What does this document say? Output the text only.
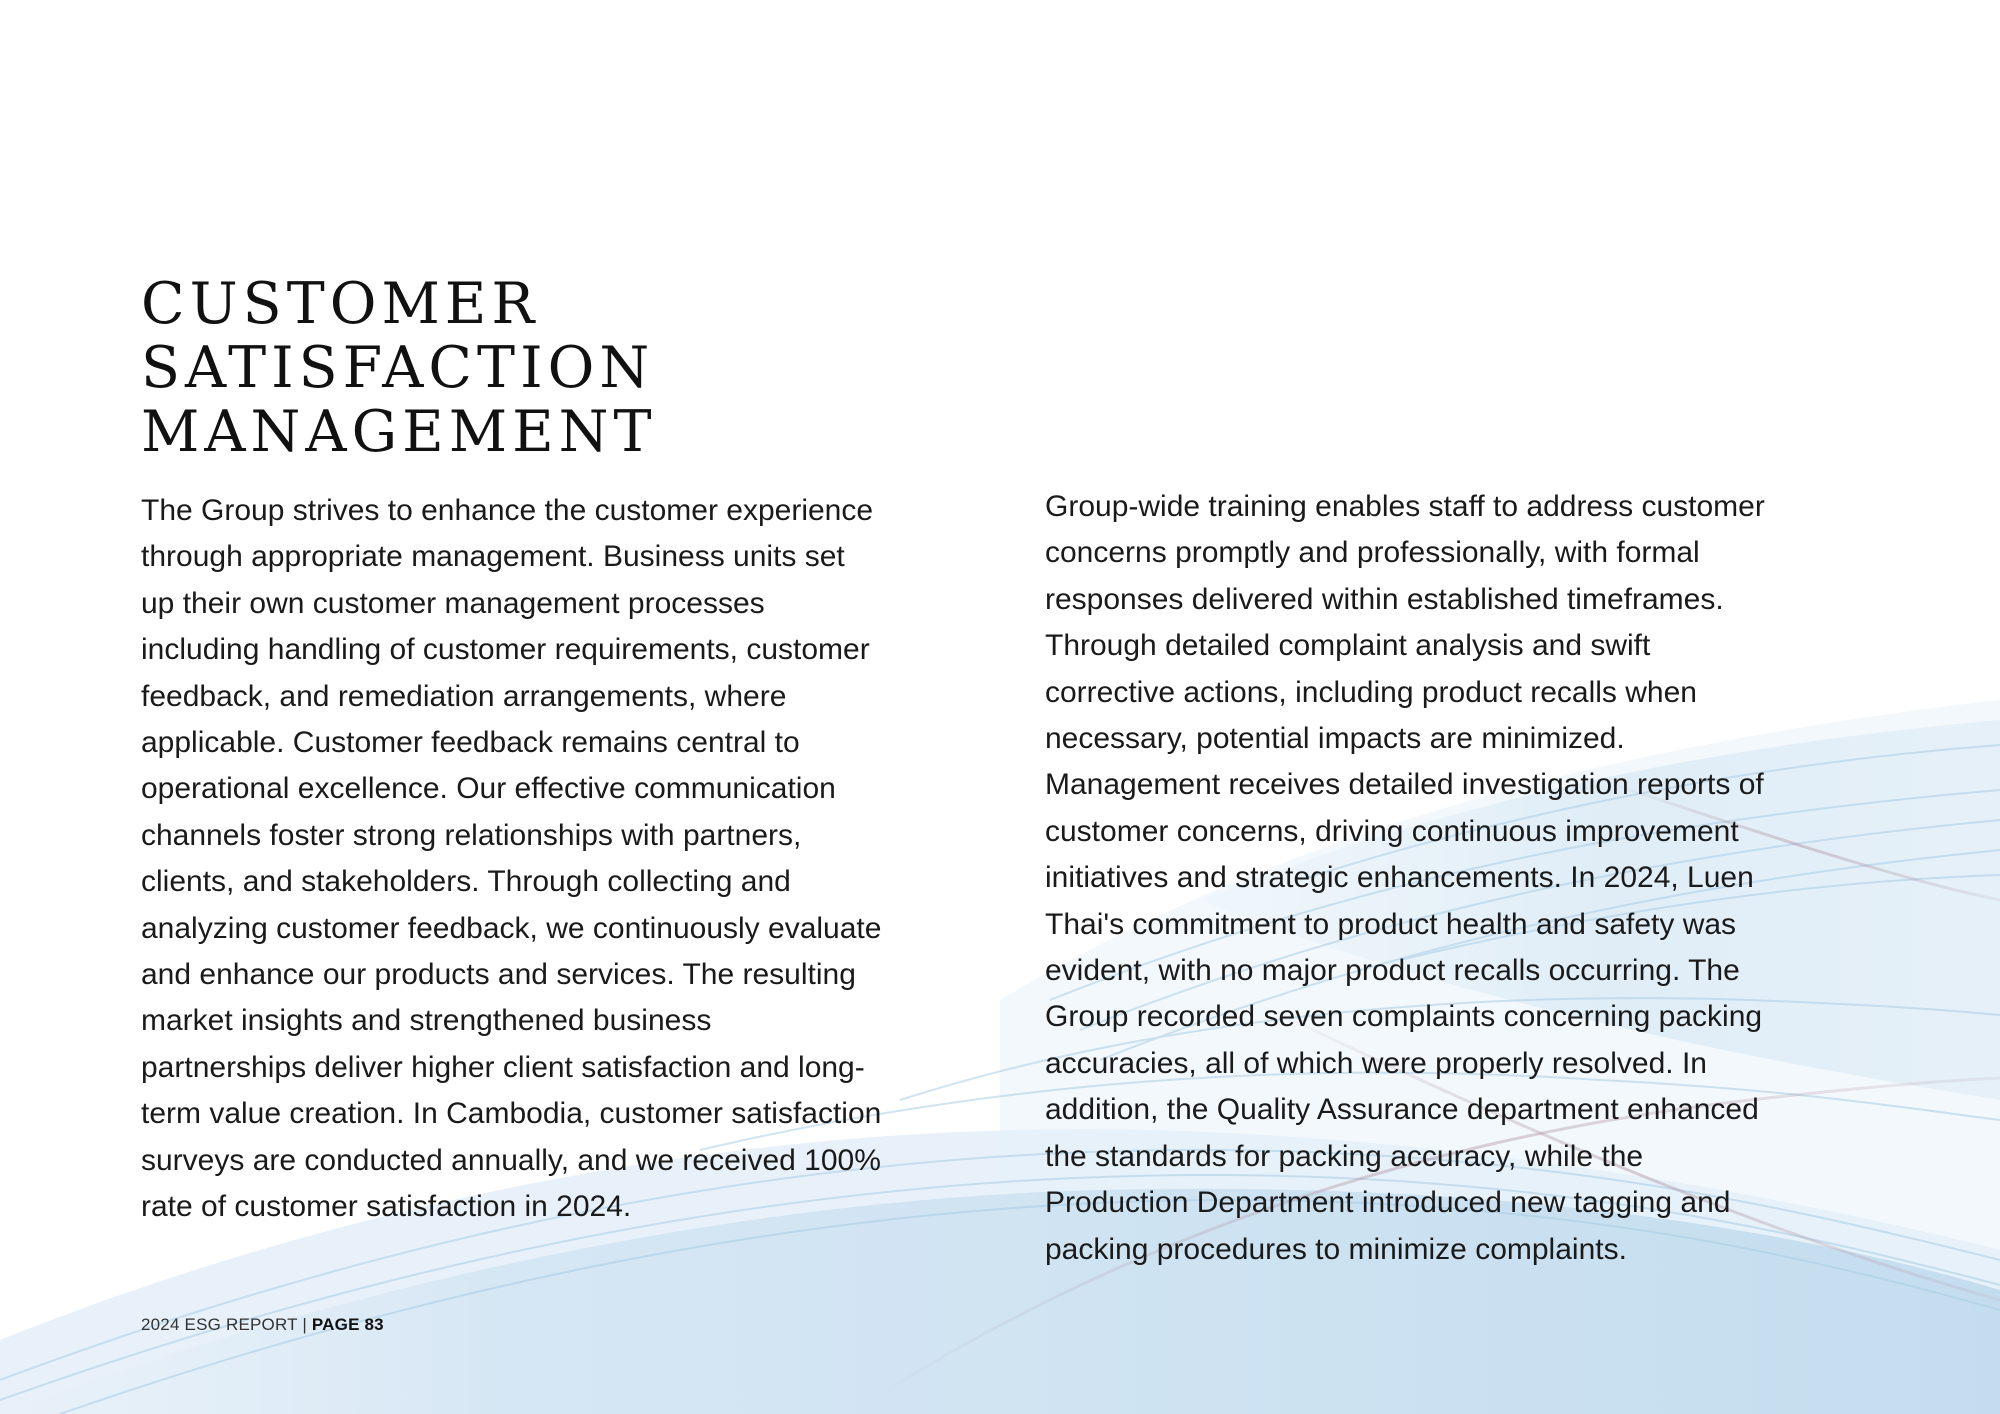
CUSTOMER
SATISFACTION
MANAGEMENT

The Group strives to enhance the customer experience
through appropriate management. Business units set
up their own customer management processes
including handling of customer requirements, customer
feedback, and remediation arrangements, where
applicable. Customer feedback remains central to
operational excellence. Our effective communication
channels foster strong relationships with partners,
clients, and stakeholders. Through collecting and
analyzing customer feedback, we continuously evaluate
and enhance our products and services. The resulting
market insights and strengthened business
partnerships deliver higher client satisfaction and long-
term value creation. In Cambodia, customer satisfaction
surveys are conducted annually, and we received 100%
rate of customer satisfaction in 2024.

Group-wide training enables staff to address customer
concerns promptly and professionally, with formal
responses delivered within established timeframes.
Through detailed complaint analysis and swift
corrective actions, including product recalls when
necessary, potential impacts are minimized.
Management receives detailed investigation reports of
customer concerns, driving continuous improvement
initiatives and strategic enhancements. In 2024, Luen
Thai's commitment to product health and safety was
evident, with no major product recalls occurring. The
Group recorded seven complaints concerning packing
accuracies, all of which were properly resolved. In
addition, the Quality Assurance department enhanced
the standards for packing accuracy, while the
Production Department introduced new tagging and
packing procedures to minimize complaints.

2024 ESG REPORT | PAGE 83
